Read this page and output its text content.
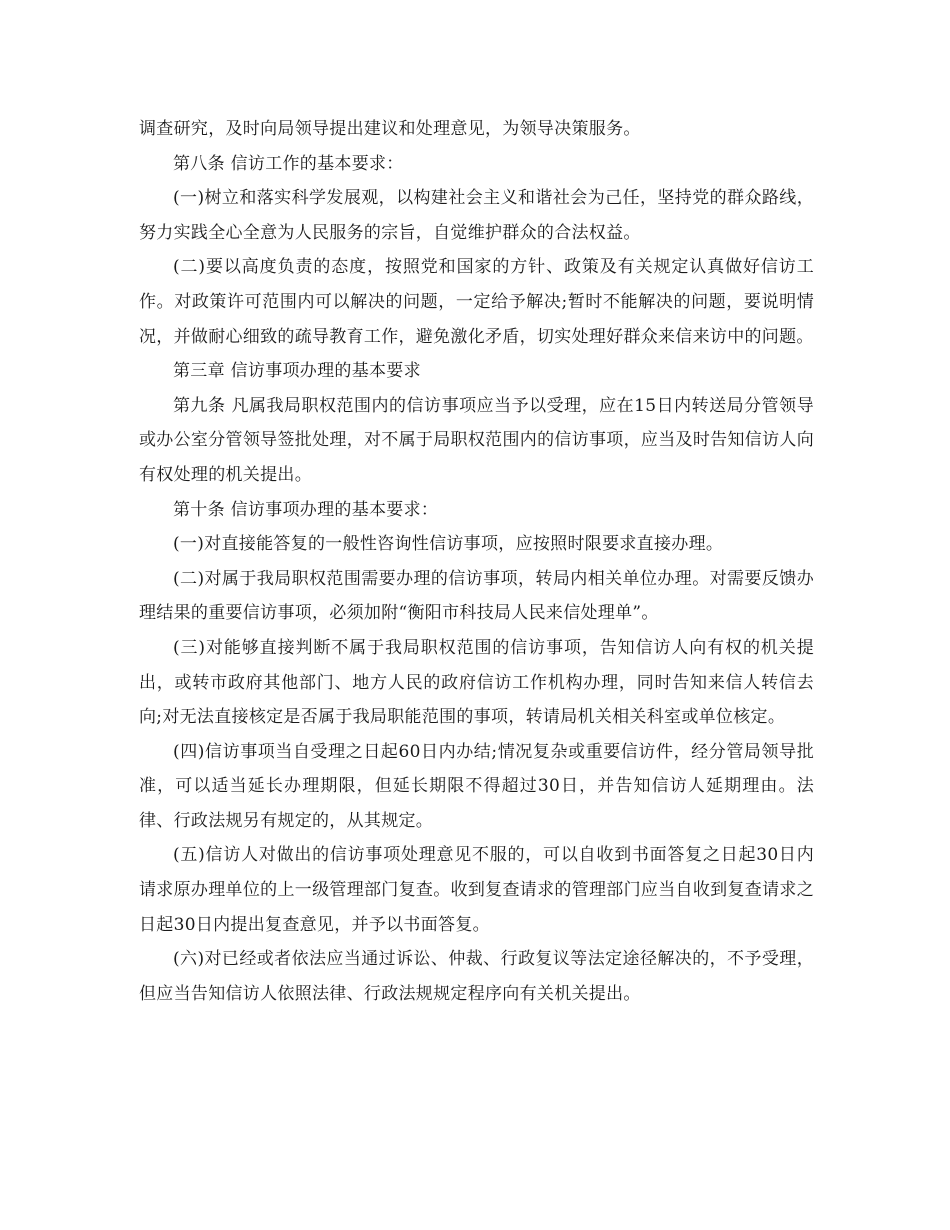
调查研究，及时向局领导提出建议和处理意见，为领导决策服务。

第八条 信访工作的基本要求：

(一)树立和落实科学发展观，以构建社会主义和谐社会为己任，坚持党的群众路线，努力实践全心全意为人民服务的宗旨，自觉维护群众的合法权益。

(二)要以高度负责的态度，按照党和国家的方针、政策及有关规定认真做好信访工作。对政策许可范围内可以解决的问题，一定给予解决;暂时不能解决的问题，要说明情况，并做耐心细致的疏导教育工作，避免激化矛盾，切实处理好群众来信来访中的问题。

第三章 信访事项办理的基本要求

第九条 凡属我局职权范围内的信访事项应当予以受理，应在15日内转送局分管领导或办公室分管领导签批处理，对不属于局职权范围内的信访事项，应当及时告知信访人向有权处理的机关提出。

第十条 信访事项办理的基本要求：

(一)对直接能答复的一般性咨询性信访事项，应按照时限要求直接办理。

(二)对属于我局职权范围需要办理的信访事项，转局内相关单位办理。对需要反馈办理结果的重要信访事项，必须加附“衡阳市科技局人民来信处理单”。

(三)对能够直接判断不属于我局职权范围的信访事项，告知信访人向有权的机关提出，或转市政府其他部门、地方人民的政府信访工作机构办理，同时告知来信人转信去向;对无法直接核定是否属于我局职能范围的事项，转请局机关相关科室或单位核定。

(四)信访事项当自受理之日起60日内办结;情况复杂或重要信访件，经分管局领导批准，可以适当延长办理期限，但延长期限不得超过30日，并告知信访人延期理由。法律、行政法规另有规定的，从其规定。

(五)信访人对做出的信访事项处理意见不服的，可以自收到书面答复之日起30日内请求原办理单位的上一级管理部门复查。收到复查请求的管理部门应当自收到复查请求之日起30日内提出复查意见，并予以书面答复。

(六)对已经或者依法应当通过诉讼、仲裁、行政复议等法定途径解决的，不予受理，但应当告知信访人依照法律、行政法规规定程序向有关机关提出。
